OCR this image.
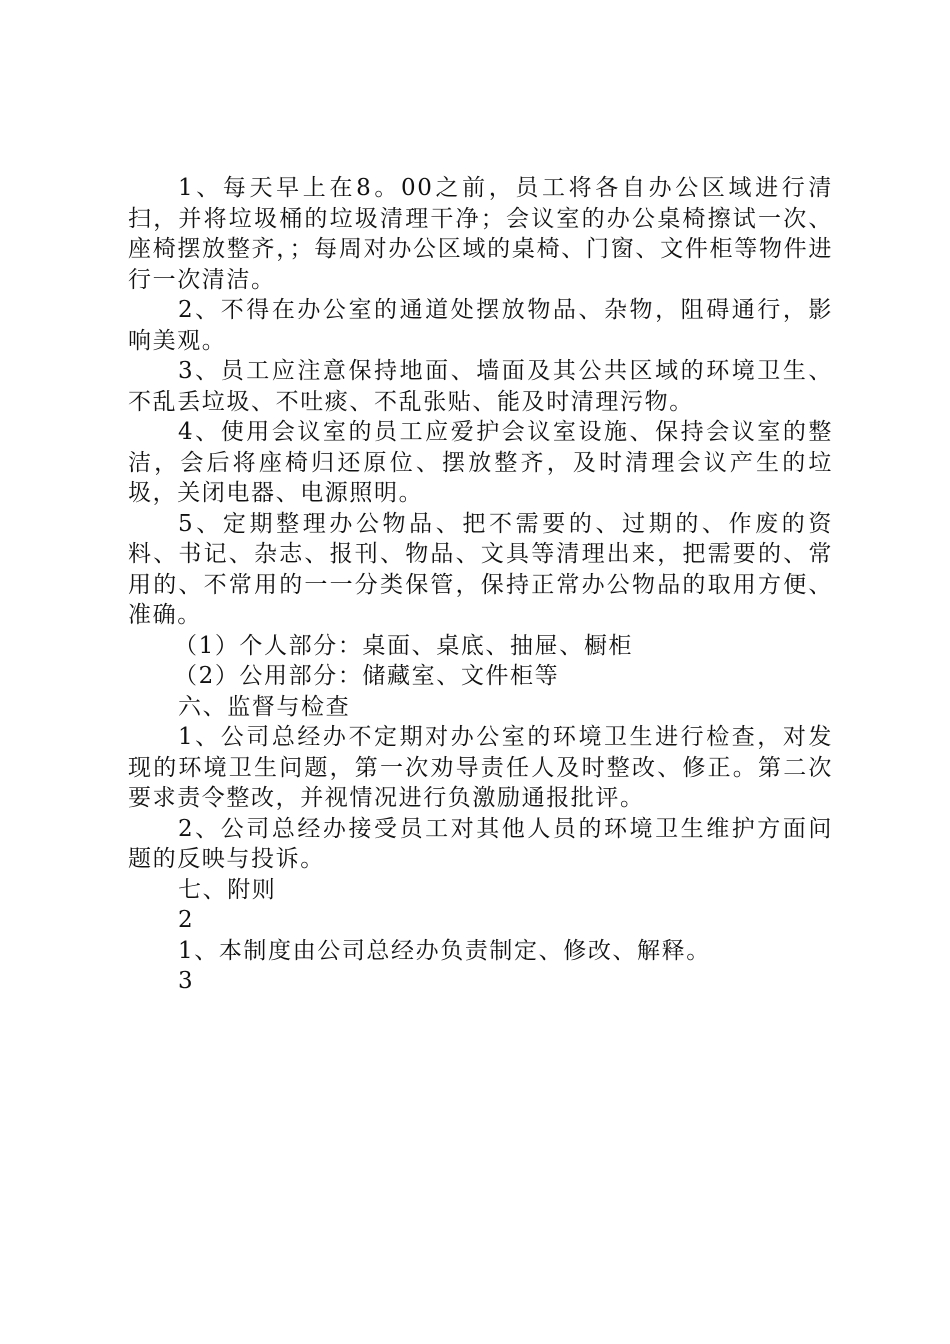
1、每天早上在8。00之前，员工将各自办公区域进行清扫，并将垃圾桶的垃圾清理干净；会议室的办公桌椅擦试一次、座椅摆放整齐，；每周对办公区域的桌椅、门窗、文件柜等物件进行一次清洁。

2、不得在办公室的通道处摆放物品、杂物，阻碍通行，影响美观。

3、员工应注意保持地面、墙面及其公共区域的环境卫生、不乱丢垃圾、不吐痰、不乱张贴、能及时清理污物。

4、使用会议室的员工应爱护会议室设施、保持会议室的整洁，会后将座椅归还原位、摆放整齐，及时清理会议产生的垃圾，关闭电器、电源照明。

5、定期整理办公物品、把不需要的、过期的、作废的资料、书记、杂志、报刊、物品、文具等清理出来，把需要的、常用的、不常用的一一分类保管，保持正常办公物品的取用方便、准确。

（1）个人部分：桌面、桌底、抽屉、橱柜

（2）公用部分：储藏室、文件柜等

六、监督与检查

1、公司总经办不定期对办公室的环境卫生进行检查，对发现的环境卫生问题，第一次劝导责任人及时整改、修正。第二次要求责令整改，并视情况进行负激励通报批评。

2、公司总经办接受员工对其他人员的环境卫生维护方面问题的反映与投诉。

七、附则

2

1、本制度由公司总经办负责制定、修改、解释。

3
